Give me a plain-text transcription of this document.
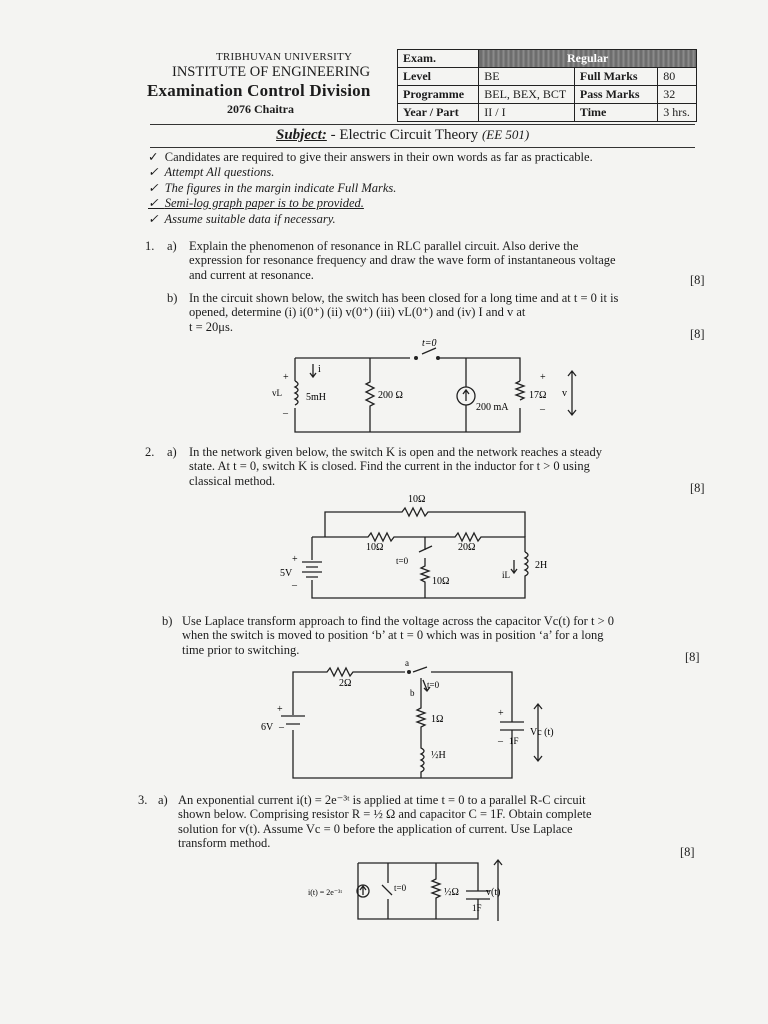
TRIBHUVAN UNIVERSITY
INSTITUTE OF ENGINEERING
Examination Control Division
2076 Chaitra
Exam.	Regular		
Level	BE	Full Marks	80
Programme	BEL, BEX, BCT	Pass Marks	32
Year / Part	II / I	Time	3 hrs.
Subject: - Electric Circuit Theory (EE 501)
✓ Candidates are required to give their answers in their own words as far as practicable.
✓ Attempt All questions.
✓ The figures in the margin indicate Full Marks.
✓ Semi-log graph paper is to be provided.
✓ Assume suitable data if necessary.
1. a) Explain the phenomenon of resonance in RLC parallel circuit. Also derive the
expression for resonance frequency and draw the wave form of instantaneous voltage
and current at resonance.	[8]
b) In the circuit shown below, the switch has been closed for a long time and at t = 0 it is
opened, determine (i) i(0⁺) (ii) v(0⁺) (iii) vL(0⁺) and (iv) I and v at
t = 20μs.
[8]
t=0
i
+
vL
–
5mH	200 Ω
200 mA
17Ω
+
–
v
2. a) In the network given below, the switch K is open and the network reaches a steady
state. At t = 0, switch K is closed. Find the current in the inductor for t > 0 using
classical method.
[8]
10Ω
10Ω	20Ω
t=0
10Ω
+
5V
–
iL
2H
b) Use Laplace transform approach to find the voltage across the capacitor Vc(t) for t > 0
when the switch is moved to position ‘b’ at t = 0 which was in position ‘a’ for a long
time prior to switching.
[8]
2Ω
a
b
t=0
+
6V –
1Ω
½H
1F
+
–
Vc (t)
3. a) An exponential current i(t) = 2e⁻³ᵗ is applied at time t = 0 to a parallel R-C circuit
shown below. Comprising resistor R = ½ Ω and capacitor C = 1F. Obtain complete
solution for v(t). Assume Vc = 0 before the application of current. Use Laplace
transform method.
[8]
i(t) = 2e⁻³ᵗ	t=0	½Ω
1F
v(t)
